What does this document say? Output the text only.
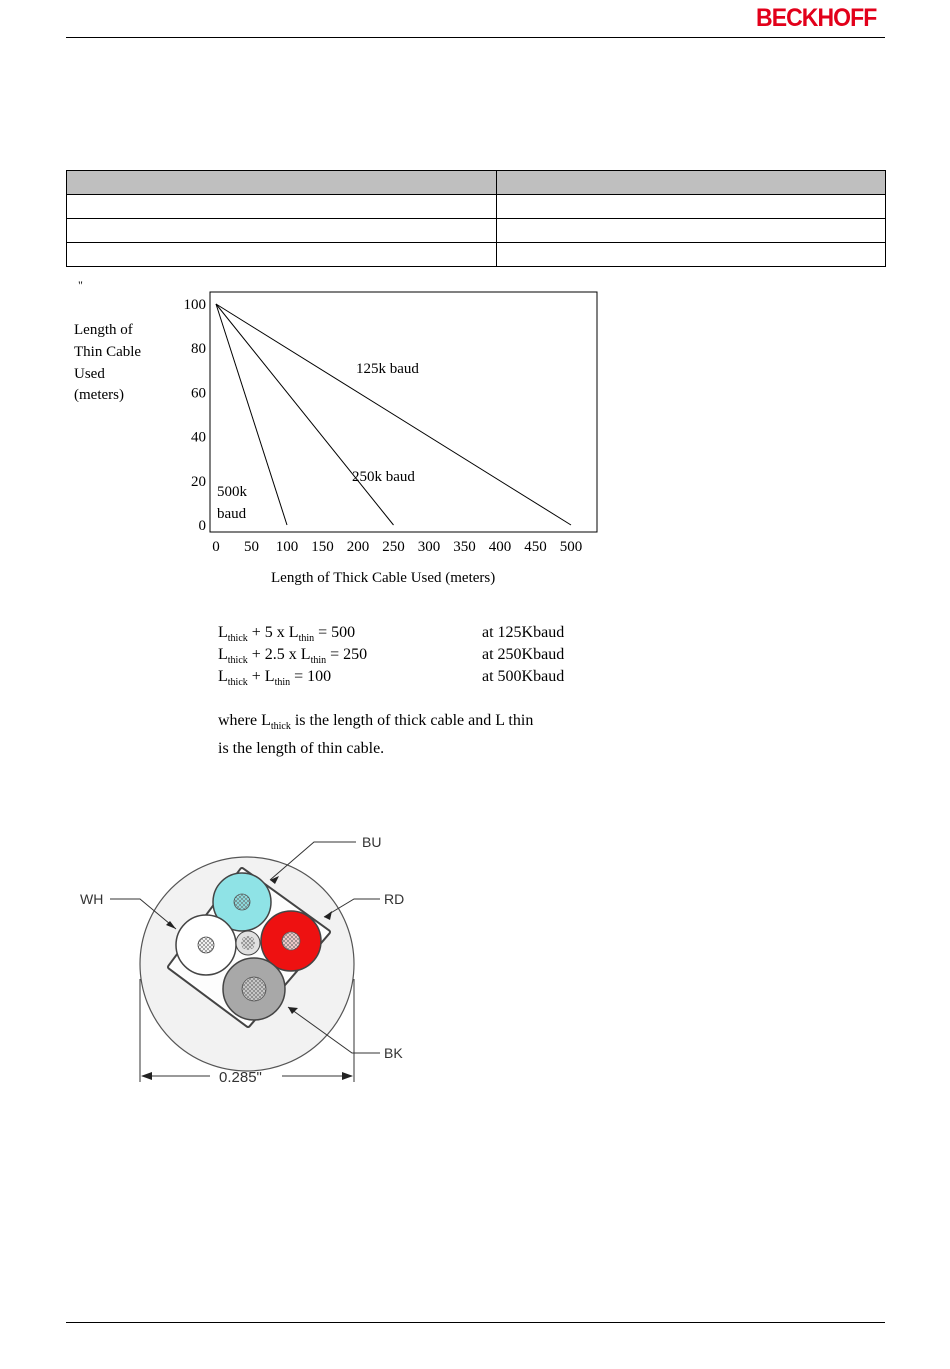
BECKHOFF

"
Length of
Thin Cable
Used
(meters)
0 50 100 150 200 250 300 350 400 450 500
0
20
40
60
80
100
125k baud
250k baud
500k
baud
Length of Thick Cable Used (meters)
$L_{thick} + 5$ x $L_{thin} = 500$	at 125Kbaud
$L_{thick} + 2.5$ x $L_{thin} = 250$	at 250Kbaud
$L_{thick} + L_{thin} = 100$	at 500Kbaud
where $L_{thick}$ is the length of thick cable and L thin
is the length of thin cable.
BU
RD
WH
BK
0.285"
